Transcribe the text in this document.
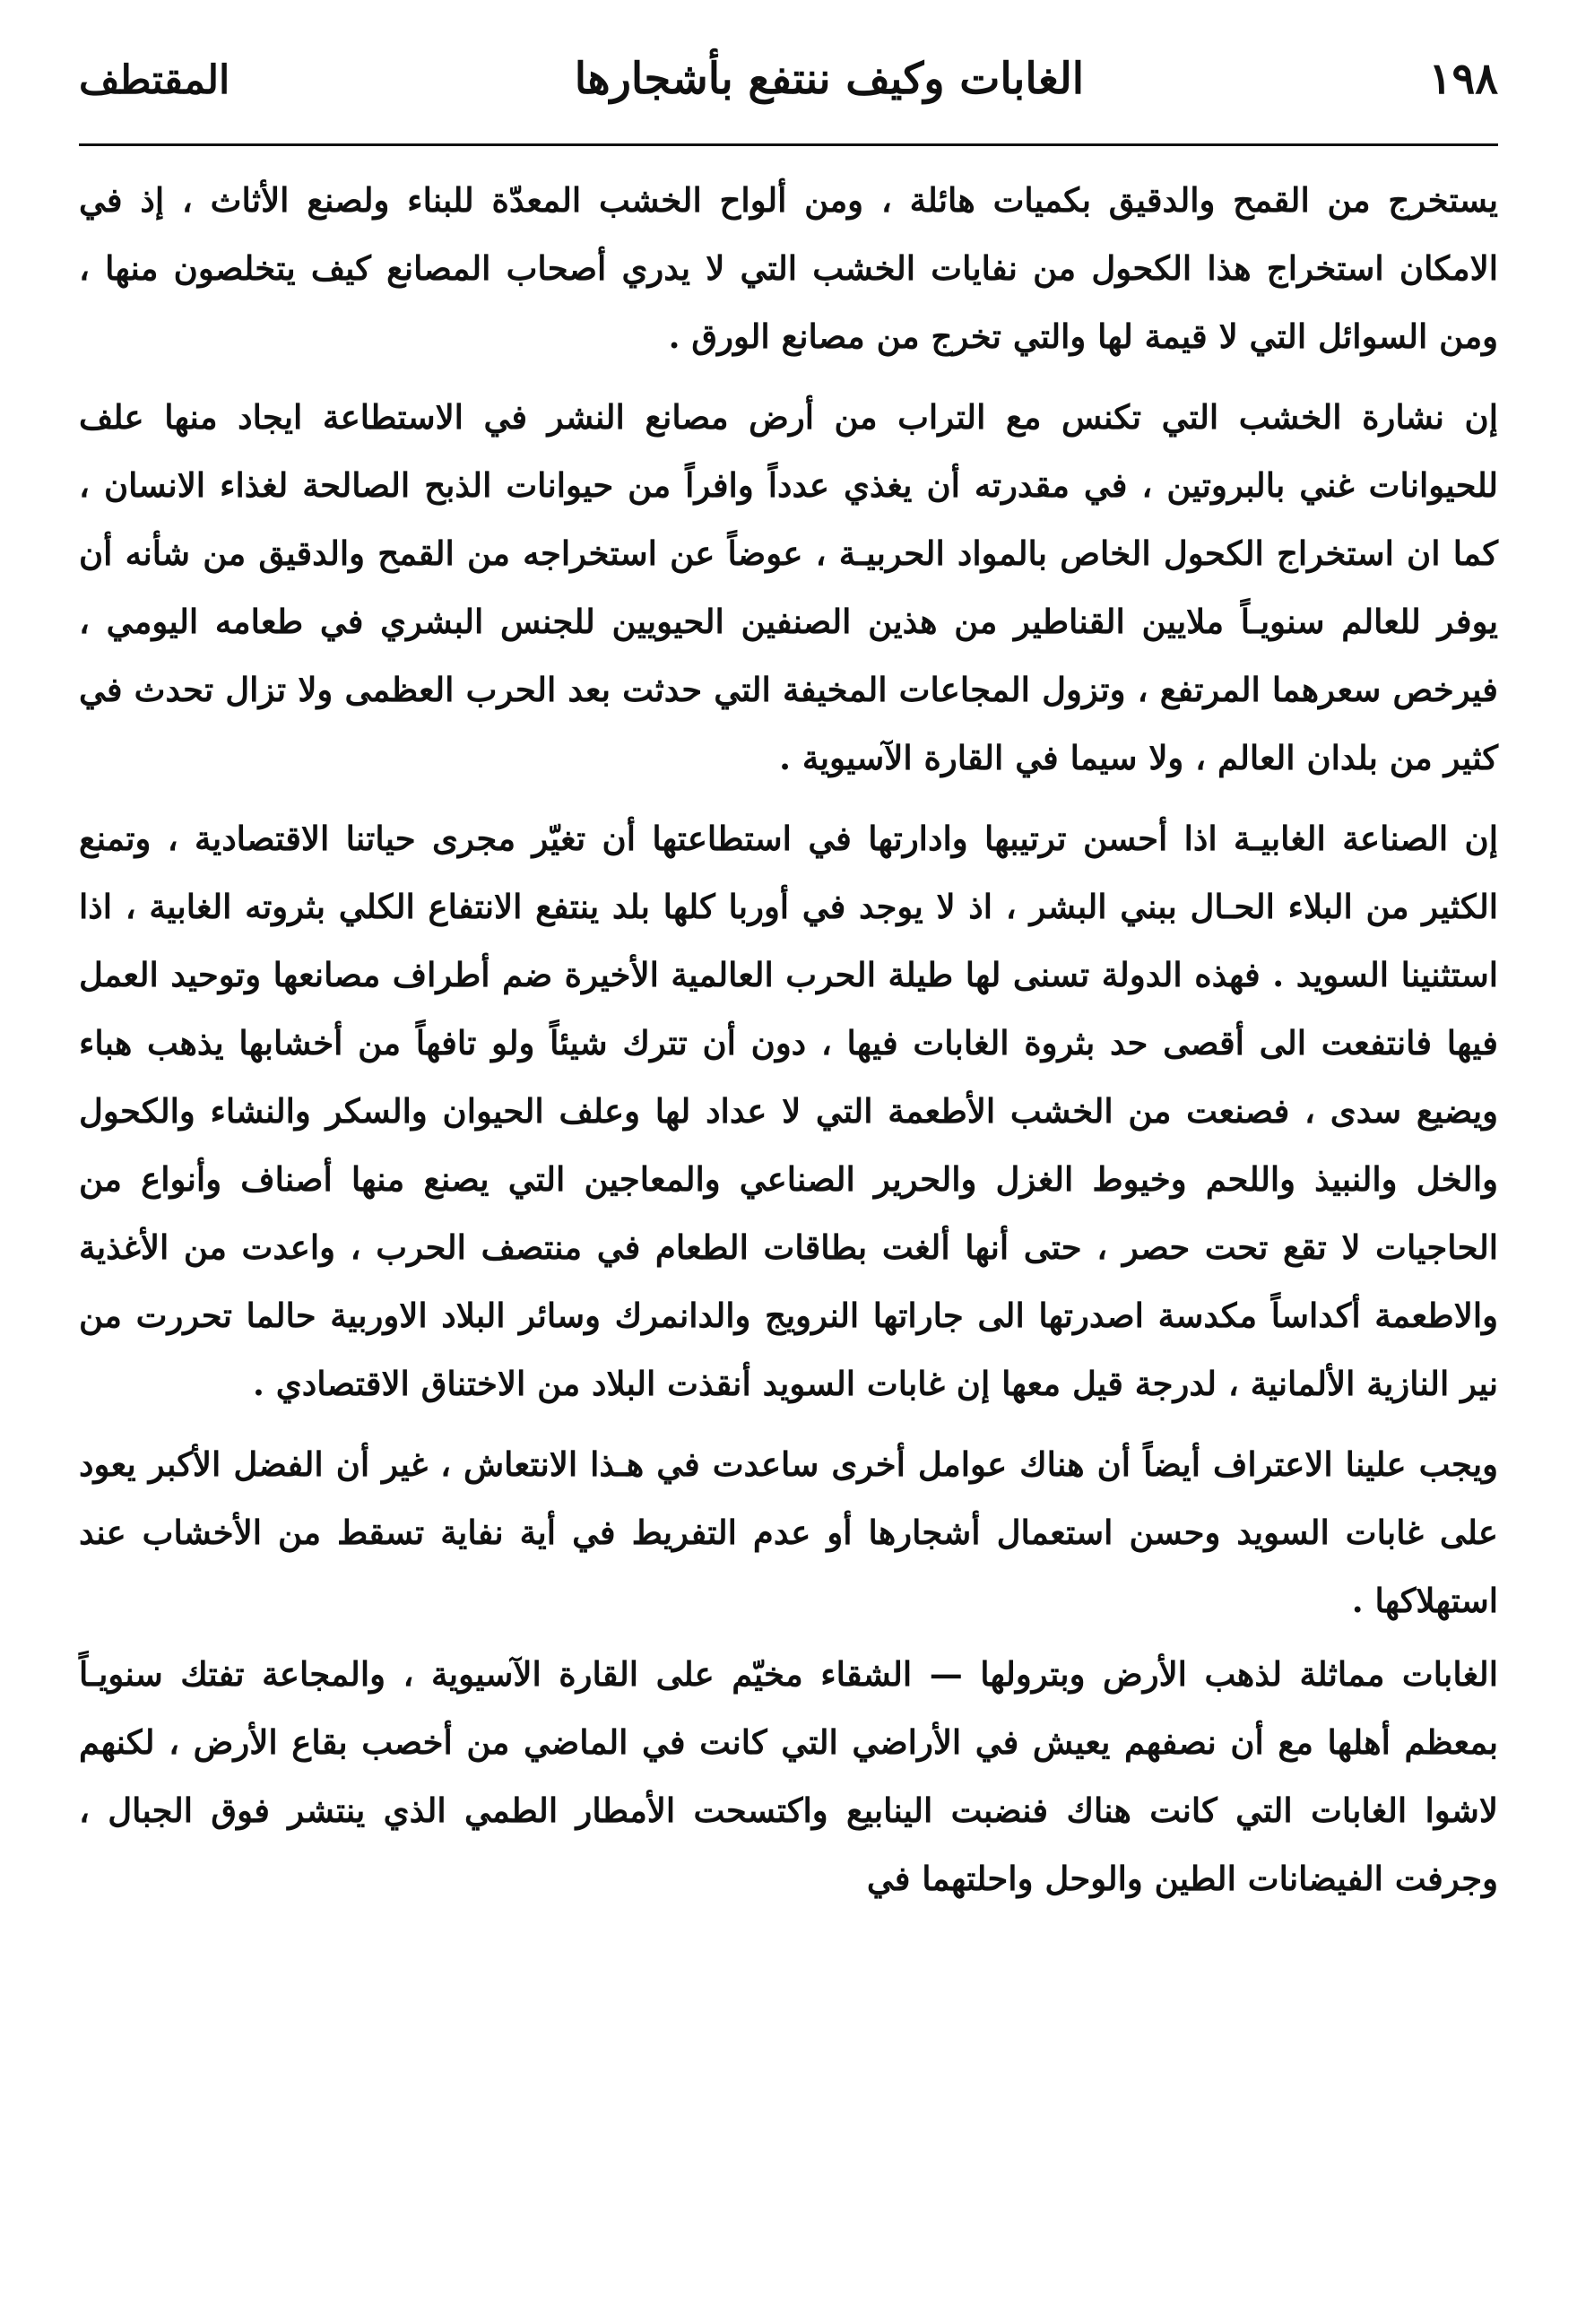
١٩٨
الغابات وكيف ننتفع بأشجارها
المقتطف

يستخرج من القمح والدقيق بكميات هائلة ، ومن ألواح الخشب المعدّة للبناء ولصنع الأثاث ، إذ في الامكان استخراج هذا الكحول من نفايات الخشب التي لا يدري أصحاب المصانع كيف يتخلصون منها ، ومن السوائل التي لا قيمة لها والتي تخرج من مصانع الورق .

إن نشارة الخشب التي تكنس مع التراب من أرض مصانع النشر في الاستطاعة ايجاد منها علف للحيوانات غني بالبروتين ، في مقدرته أن يغذي عدداً وافراً من حيوانات الذبح الصالحة لغذاء الانسان ، كما ان استخراج الكحول الخاص بالمواد الحربيـة ، عوضاً عن استخراجه من القمح والدقيق من شأنه أن يوفر للعالم سنويـاً ملايين القناطير من هذين الصنفين الحيويين للجنس البشري في طعامه اليومي ، فيرخص سعرهما المرتفع ، وتزول المجاعات المخيفة التي حدثت بعد الحرب العظمى ولا تزال تحدث في كثير من بلدان العالم ، ولا سيما في القارة الآسيوية .

إن الصناعة الغابيـة اذا أحسن ترتيبها وادارتها في استطاعتها أن تغيّر مجرى حياتنا الاقتصادية ، وتمنع الكثير من البلاء الحـال ببني البشر ، اذ لا يوجد في أوربا كلها بلد ينتفع الانتفاع الكلي بثروته الغابية ، اذا استثنينا السويد . فهذه الدولة تسنى لها طيلة الحرب العالمية الأخيرة ضم أطراف مصانعها وتوحيد العمل فيها فانتفعت الى أقصى حد بثروة الغابات فيها ، دون أن تترك شيئاً ولو تافهاً من أخشابها يذهب هباء ويضيع سدى ، فصنعت من الخشب الأطعمة التي لا عداد لها وعلف الحيوان والسكر والنشاء والكحول والخل والنبيذ واللحم وخيوط الغزل والحرير الصناعي والمعاجين التي يصنع منها أصناف وأنواع من الحاجيات لا تقع تحت حصر ، حتى أنها ألغت بطاقات الطعام في منتصف الحرب ، واعدت من الأغذية والاطعمة أكداساً مكدسة اصدرتها الى جاراتها النرويج والدانمرك وسائر البلاد الاوربية حالما تحررت من نير النازية الألمانية ، لدرجة قيل معها إن غابات السويد أنقذت البلاد من الاختناق الاقتصادي .

ويجب علينا الاعتراف أيضاً أن هناك عوامل أخرى ساعدت في هـذا الانتعاش ، غير أن الفضل الأكبر يعود على غابات السويد وحسن استعمال أشجارها أو عدم التفريط في أية نفاية تسقط من الأخشاب عند استهلاكها .

الغابات مماثلة لذهب الأرض وبترولها — الشقاء مخيّم على القارة الآسيوية ، والمجاعة تفتك سنويـاً بمعظم أهلها مع أن نصفهم يعيش في الأراضي التي كانت في الماضي من أخصب بقاع الأرض ، لكنهم لاشوا الغابات التي كانت هناك فنضبت الينابيع واكتسحت الأمطار الطمي الذي ينتشر فوق الجبال ، وجرفت الفيضانات الطين والوحل واحلتهما في
